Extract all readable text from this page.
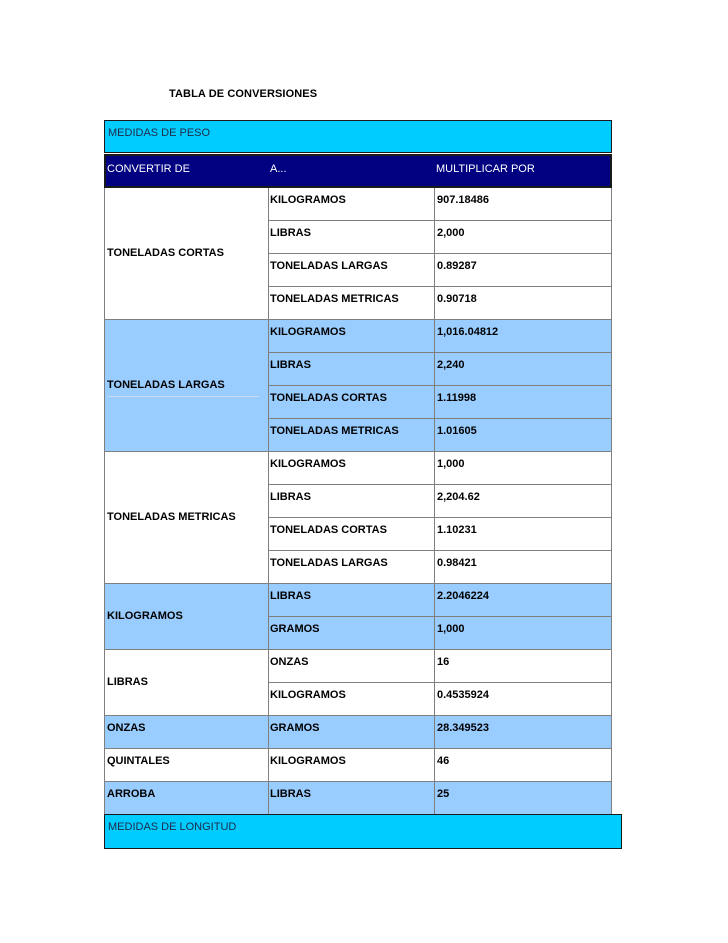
TABLA DE CONVERSIONES
MEDIDAS DE PESO
CONVERTIR DE	A...	MULTIPLICAR POR
TONELADAS CORTAS
KILOGRAMOS	907.18486
LIBRAS	2,000
TONELADAS LARGAS	0.89287
TONELADAS METRICAS	0.90718
TONELADAS LARGAS
KILOGRAMOS	1,016.04812
LIBRAS	2,240
TONELADAS CORTAS	1.11998
TONELADAS METRICAS	1.01605
TONELADAS METRICAS
KILOGRAMOS	1,000
LIBRAS	2,204.62
TONELADAS CORTAS	1.10231
TONELADAS LARGAS	0.98421
KILOGRAMOS
LIBRAS	2.2046224
GRAMOS	1,000
LIBRAS
ONZAS	16
KILOGRAMOS	0.4535924
ONZAS	GRAMOS	28.349523
QUINTALES	KILOGRAMOS	46
ARROBA	LIBRAS	25
MEDIDAS DE LONGITUD
